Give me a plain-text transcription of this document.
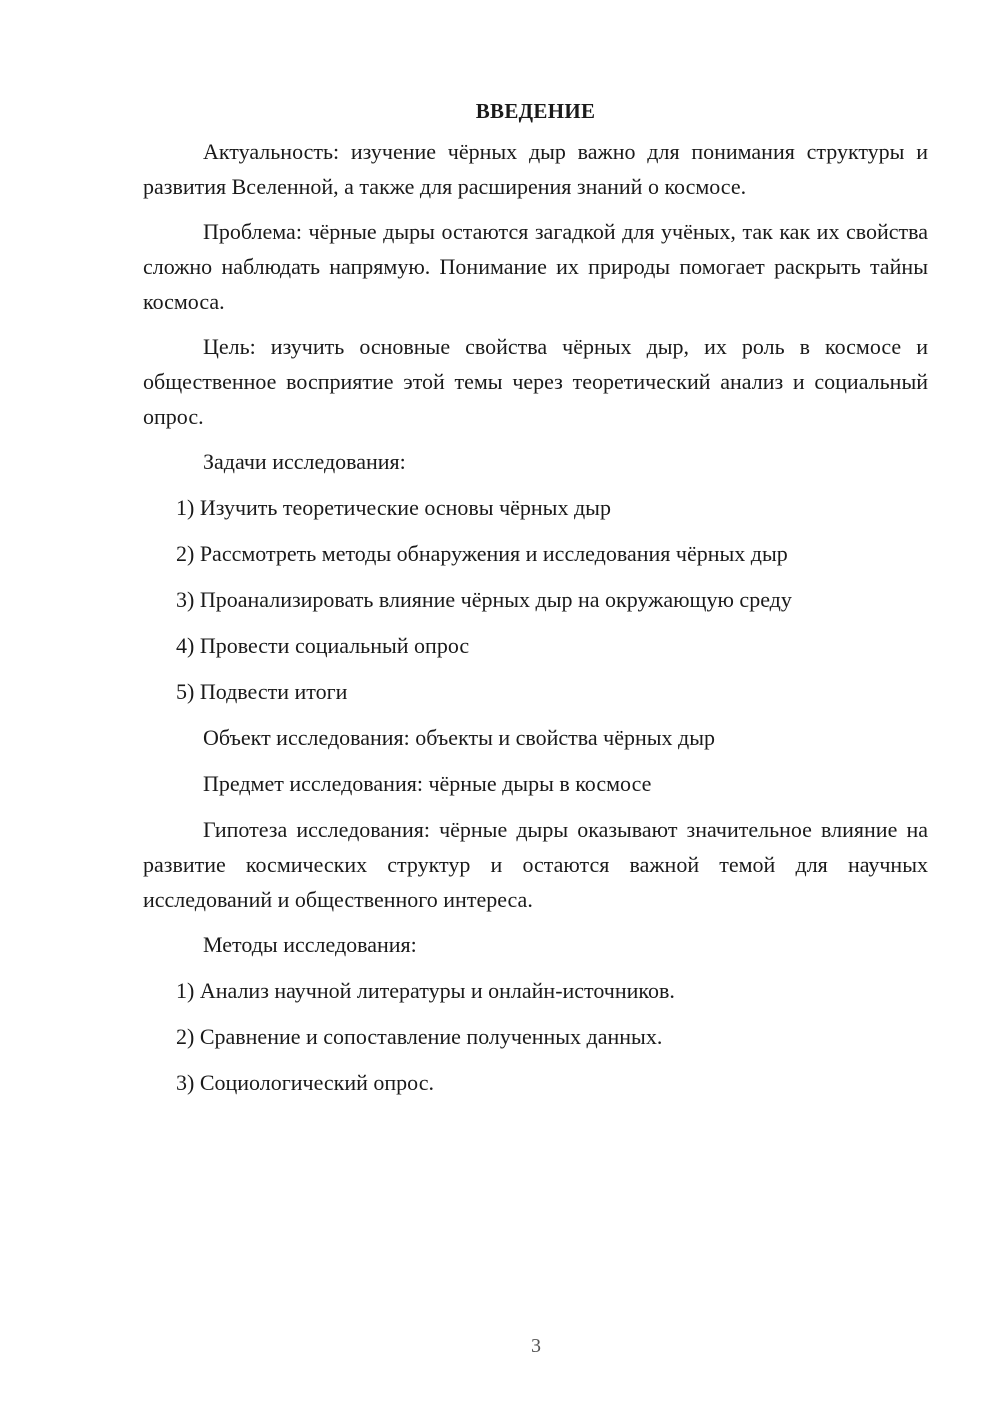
ВВЕДЕНИЕ

Актуальность: изучение чёрных дыр важно для понимания структуры и развития Вселенной, а также для расширения знаний о космосе.

Проблема: чёрные дыры остаются загадкой для учёных, так как их свойства сложно наблюдать напрямую. Понимание их природы помогает раскрыть тайны космоса.

Цель: изучить основные свойства чёрных дыр, их роль в космосе и общественное восприятие этой темы через теоретический анализ и социальный опрос.

Задачи исследования:
1) Изучить теоретические основы чёрных дыр
2) Рассмотреть методы обнаружения и исследования чёрных дыр
3) Проанализировать влияние чёрных дыр на окружающую среду
4) Провести социальный опрос
5) Подвести итоги
Объект исследования: объекты и свойства чёрных дыр
Предмет исследования: чёрные дыры в космосе

Гипотеза исследования: чёрные дыры оказывают значительное влияние на развитие космических структур и остаются важной темой для научных исследований и общественного интереса.

Методы исследования:
1) Анализ научной литературы и онлайн-источников.
2) Сравнение и сопоставление полученных данных.
3) Социологический опрос.
3
